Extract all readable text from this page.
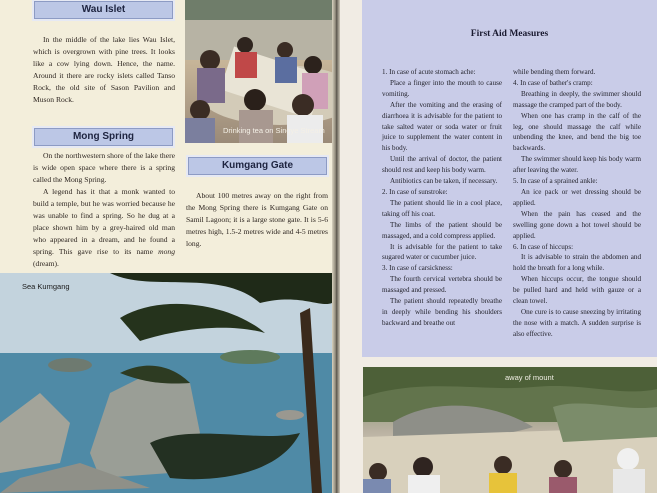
Wau Islet

In the middle of the lake lies Wau Islet, which is overgrown with pine trees. It looks like a cow lying down. Hence, the name. Around it there are rocky islets called Tanso Rock, the old site of Sason Pavilion and Muson Rock.

Drinking tea on Singye Stream
Mong Spring

On the northwestern shore of the lake there is wide open space where there is a spring called the Mong Spring.

A legend has it that a monk wanted to build a temple, but he was worried because he was unable to find a spring. So he dug at a place shown him by a grey-haired old man who appeared in a dream, and he found a spring. This gave rise to its name mong (dream).

Kumgang Gate

About 100 metres away on the right from the Mong Spring there is Kumgang Gate on Samil Lagoon; it is a large stone gate. It is 5-6 metres high, 1.5-2 metres wide and 4-5 metres long.

Sea Kumgang
First Aid Measures

1. In case of acute stomach ache:

Place a finger into the mouth to cause vomiting.

After the vomiting and the erasing of diarrhoea it is advisable for the patient to take salted water or soda water or fruit juice to supplement the water content in his body.

Until the arrival of doctor, the patient should rest and keep his body warm.

Antibiotics can be taken, if necessary.

2. In case of sunstroke:

The patient should lie in a cool place, taking off his coat.

The limbs of the patient should be massaged, and a cold compress applied.

It is advisable for the patient to take sugared water or cucumber juice.

3. In case of carsickness:

The fourth cervical vertebra should be massaged and pressed.

The patient should repeatedly breathe in deeply while bending his shoulders backward and breathe out

while bending them forward.

4. In case of bather's cramp:

Breathing in deeply, the swimmer should massage the cramped part of the body.

When one has cramp in the calf of the leg, one should massage the calf while unbending the knee, and bend the big toe backwards.

The swimmer should keep his body warm after leaving the water.

5. In case of a sprained ankle:

An ice pack or wet dressing should be applied.

When the pain has ceased and the swelling gone down a hot towel should be applied.

6. In case of hiccups:

It is advisable to strain the abdomen and hold the breath for a long while.

When hiccups occur, the tongue should be pulled hard and held with gauze or a clean towel.

One cure is to cause sneezing by irritating the nose with a match. A sudden surprise is also effective.

away of mount
